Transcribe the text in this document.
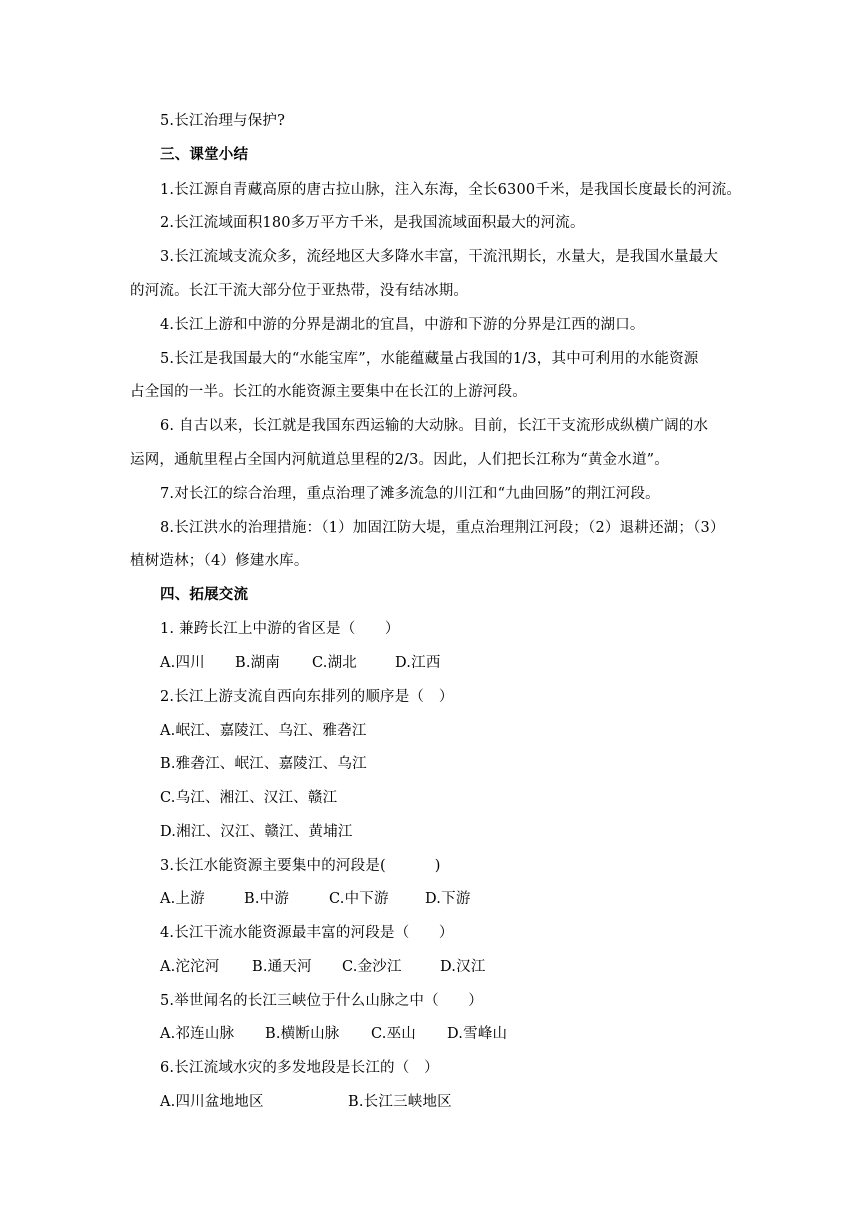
5.长江治理与保护?
三、课堂小结
1.长江源自青藏高原的唐古拉山脉，注入东海，全长6300千米，是我国长度最长的河流。
2.长江流域面积180多万平方千米，是我国流域面积最大的河流。
3.长江流域支流众多，流经地区大多降水丰富，干流汛期长，水量大，是我国水量最大
的河流。长江干流大部分位于亚热带，没有结冰期。
4.长江上游和中游的分界是湖北的宜昌，中游和下游的分界是江西的湖口。
5.长江是我国最大的“水能宝库”，水能蕴藏量占我国的1/3，其中可利用的水能资源
占全国的一半。长江的水能资源主要集中在长江的上游河段。
6. 自古以来，长江就是我国东西运输的大动脉。目前，长江干支流形成纵横广阔的水
运网，通航里程占全国内河航道总里程的2/3。因此，人们把长江称为“黄金水道”。
7.对长江的综合治理，重点治理了滩多流急的川江和“九曲回肠”的荆江河段。
8.长江洪水的治理措施：（1）加固江防大堤，重点治理荆江河段；（2）退耕还湖；（3）
植树造林；（4）修建水库。
四、拓展交流
1. 兼跨长江上中游的省区是（　　）
A.四川 B.湖南 C.湖北	D.江西
2.长江上游支流自西向东排列的顺序是（　）
A.岷江、嘉陵江、乌江、雅砻江
B.雅砻江、岷江、嘉陵江、乌江
C.乌江、湘江、汉江、赣江
D.湘江、汉江、赣江、黄埔江
3.长江水能资源主要集中的河段是(　　　 )
A.上游	B.中游	C.中下游	D.下游
4.长江干流水能资源最丰富的河段是（　　）
A.沱沱河 B.通天河 C.金沙江	D.汉江
5.举世闻名的长江三峡位于什么山脉之中（　　）
A.祁连山脉 B.横断山脉 C.巫山 D.雪峰山
6.长江流域水灾的多发地段是长江的（　）
A.四川盆地地区	B.长江三峡地区
